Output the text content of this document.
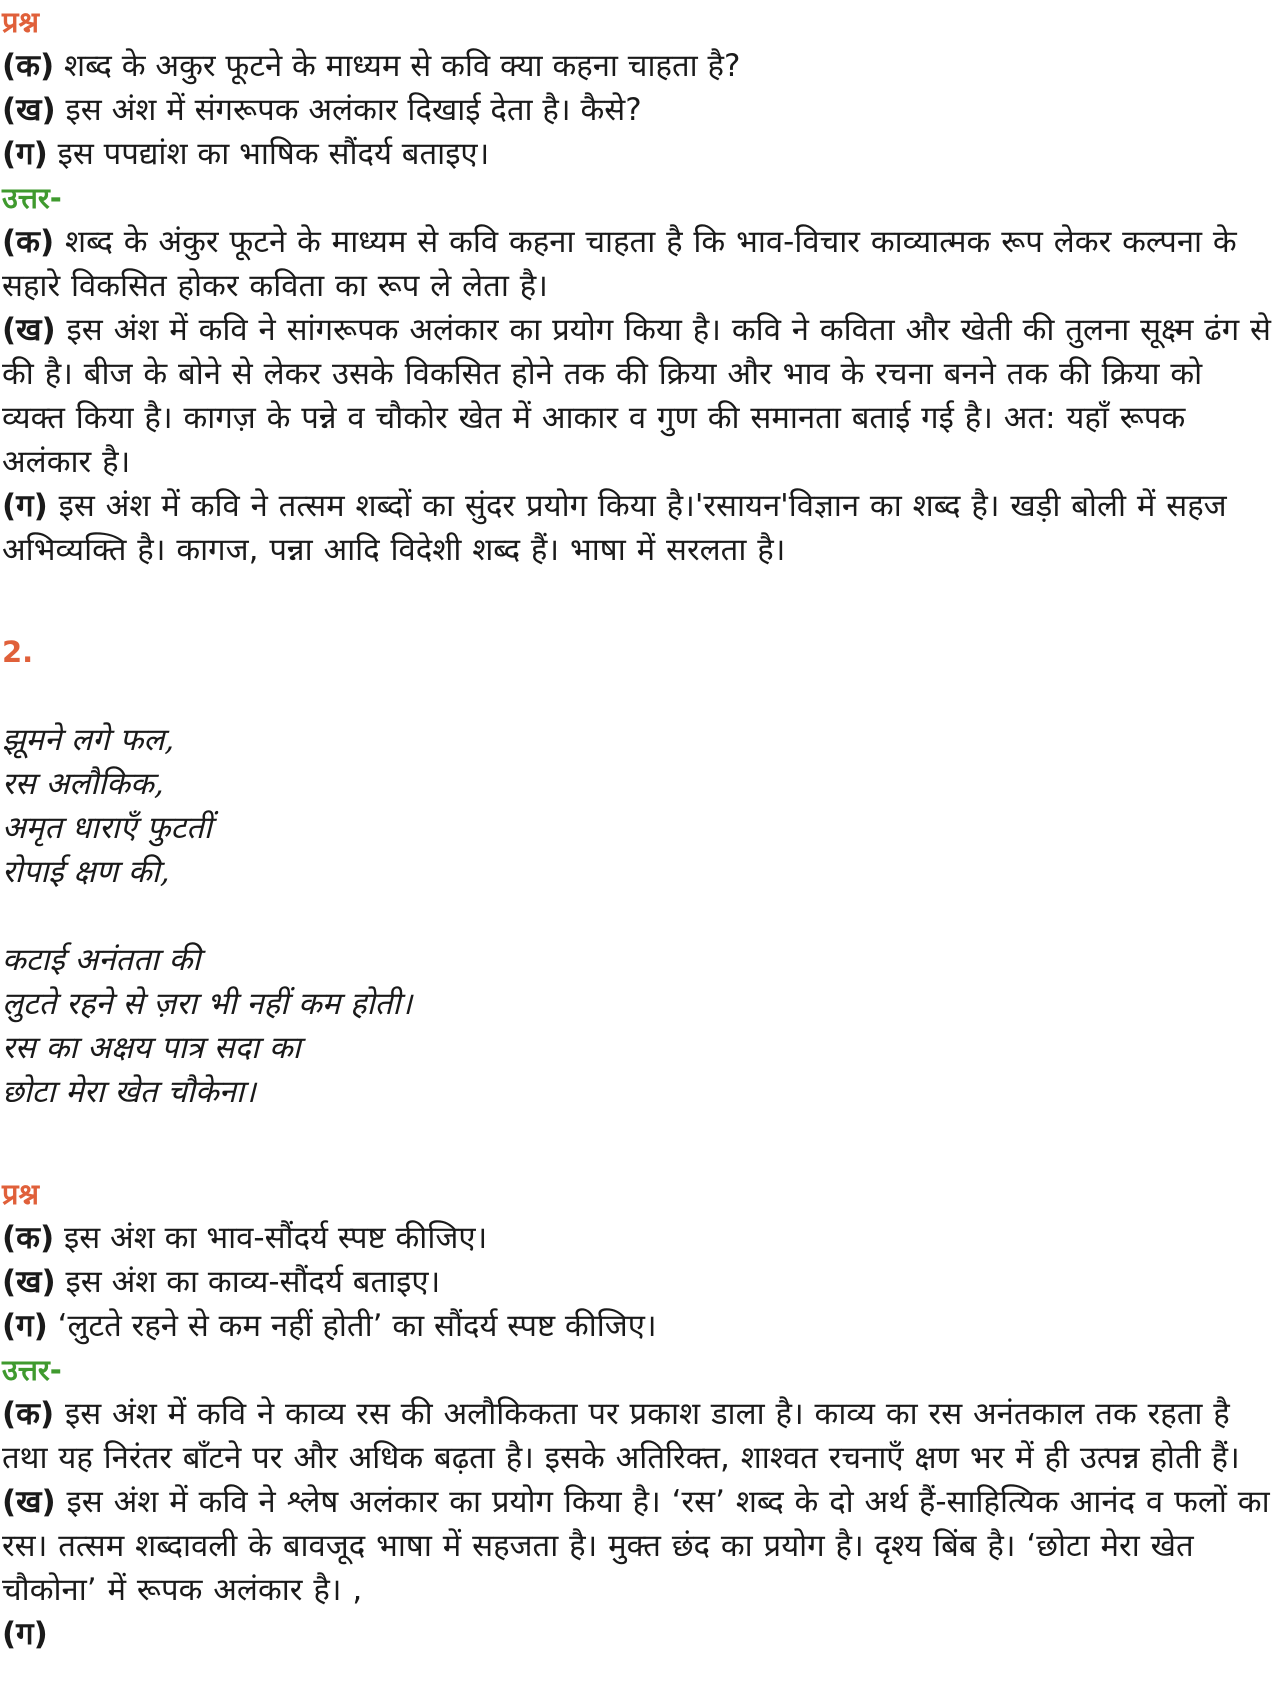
प्रश्न

(क) शब्द के अकुर फूटने के माध्यम से कवि क्या कहना चाहता है?

(ख) इस अंश में संगरूपक अलंकार दिखाई देता है। कैसे?

(ग) इस पपद्यांश का भाषिक सौंदर्य बताइए।

उत्तर-

(क) शब्द के अंकुर फूटने के माध्यम से कवि कहना चाहता है कि भाव-विचार काव्यात्मक रूप लेकर कल्पना के सहारे विकसित होकर कविता का रूप ले लेता है।

(ख) इस अंश में कवि ने सांगरूपक अलंकार का प्रयोग किया है। कवि ने कविता और खेती की तुलना सूक्ष्म ढंग से की है। बीज के बोने से लेकर उसके विकसित होने तक की क्रिया और भाव के रचना बनने तक की क्रिया को व्यक्त किया है। कागज़ के पन्ने व चौकोर खेत में आकार व गुण की समानता बताई गई है। अत: यहाँ रूपक अलंकार है।

(ग) इस अंश में कवि ने तत्सम शब्दों का सुंदर प्रयोग किया है।'रसायन'विज्ञान का शब्द है। खड़ी बोली में सहज अभिव्यक्ति है। कागज, पन्ना आदि विदेशी शब्द हैं। भाषा में सरलता है।

2.

झूमने लगे फल,

रस अलौकिक,

अमृत धाराएँ फुटतीं

रोपाई क्षण की,

कटाई अनंतता की

लुटते रहने से ज़रा भी नहीं कम होती।

रस का अक्षय पात्र सदा का

छोटा मेरा खेत चौकेना।

प्रश्न

(क) इस अंश का भाव-सौंदर्य स्पष्ट कीजिए।

(ख) इस अंश का काव्य-सौंदर्य बताइए।

(ग) ‘लुटते रहने से कम नहीं होती’ का सौंदर्य स्पष्ट कीजिए।

उत्तर-

(क) इस अंश में कवि ने काव्य रस की अलौकिकता पर प्रकाश डाला है। काव्य का रस अनंतकाल तक रहता है तथा यह निरंतर बाँटने पर और अधिक बढ़ता है। इसके अतिरिक्त, शाश्वत रचनाएँ क्षण भर में ही उत्पन्न होती हैं।

(ख) इस अंश में कवि ने श्लेष अलंकार का प्रयोग किया है। ‘रस’ शब्द के दो अर्थ हैं-साहित्यिक आनंद व फलों का रस। तत्सम शब्दावली के बावजूद भाषा में सहजता है। मुक्त छंद का प्रयोग है। दृश्य बिंब है। ‘छोटा मेरा खेत चौकोना’ में रूपक अलंकार है। ,

(ग)
